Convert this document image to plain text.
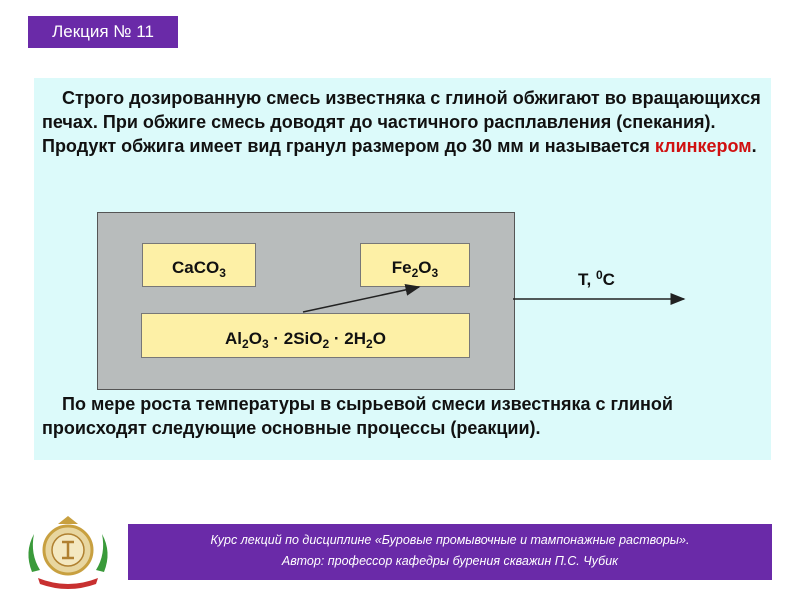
Лекция № 11
Строго дозированную смесь известняка с глиной обжигают во вращающихся печах. При обжиге смесь доводят до частичного расплавления (спекания). Продукт обжига имеет вид гранул размером до 30 мм и называется клинкером.
CaCO$_3$	$Fe_2O_3$
$Al_2O_3 \cdot 2SiO_2 \cdot 2H_2O$
T, $^0$C
По мере роста температуры в сырьевой смеси известняка с глиной происходят следующие основные процессы (реакции).
Курс лекций по дисциплине «Буровые промывочные и тампонажные растворы».
Автор: профессор кафедры бурения скважин П.С. Чубик
